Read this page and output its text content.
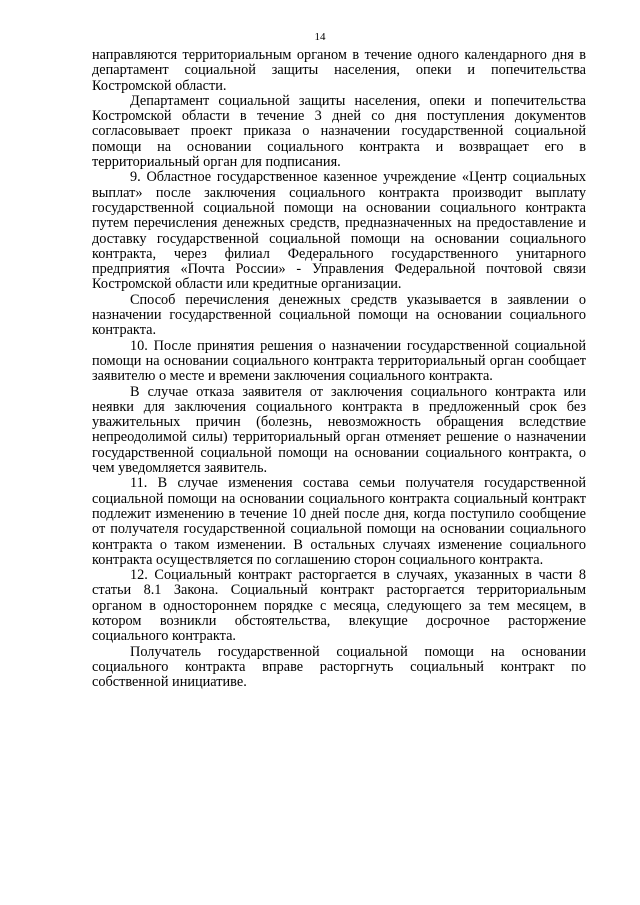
14

направляются территориальным органом в течение одного календарного дня в департамент социальной защиты населения, опеки и попечительства Костромской области.

Департамент социальной защиты населения, опеки и попечительства Костромской области в течение 3 дней со дня поступления документов согласовывает проект приказа о назначении государственной социальной помощи на основании социального контракта и возвращает его в территориальный орган для подписания.

9. Областное государственное казенное учреждение «Центр социальных выплат» после заключения социального контракта производит выплату государственной социальной помощи на основании социального контракта путем перечисления денежных средств, предназначенных на предоставление и доставку государственной социальной помощи на основании социального контракта, через филиал Федерального государственного унитарного предприятия «Почта России» - Управления Федеральной почтовой связи Костромской области или кредитные организации.

Способ перечисления денежных средств указывается в заявлении о назначении государственной социальной помощи на основании социального контракта.

10. После принятия решения о назначении государственной социальной помощи на основании социального контракта территориальный орган сообщает заявителю о месте и времени заключения социального контракта.

В случае отказа заявителя от заключения социального контракта или неявки для заключения социального контракта в предложенный срок без уважительных причин (болезнь, невозможность обращения вследствие непреодолимой силы) территориальный орган отменяет решение о назначении государственной социальной помощи на основании социального контракта, о чем уведомляется заявитель.

11. В случае изменения состава семьи получателя государственной социальной помощи на основании социального контракта социальный контракт подлежит изменению в течение 10 дней после дня, когда поступило сообщение от получателя государственной социальной помощи на основании социального контракта о таком изменении. В остальных случаях изменение социального контракта осуществляется по соглашению сторон социального контракта.

12. Социальный контракт расторгается в случаях, указанных в части 8 статьи 8.1 Закона. Социальный контракт расторгается территориальным органом в одностороннем порядке с месяца, следующего за тем месяцем, в котором возникли обстоятельства, влекущие досрочное расторжение социального контракта.

Получатель государственной социальной помощи на основании социального контракта вправе расторгнуть социальный контракт по собственной инициативе.
